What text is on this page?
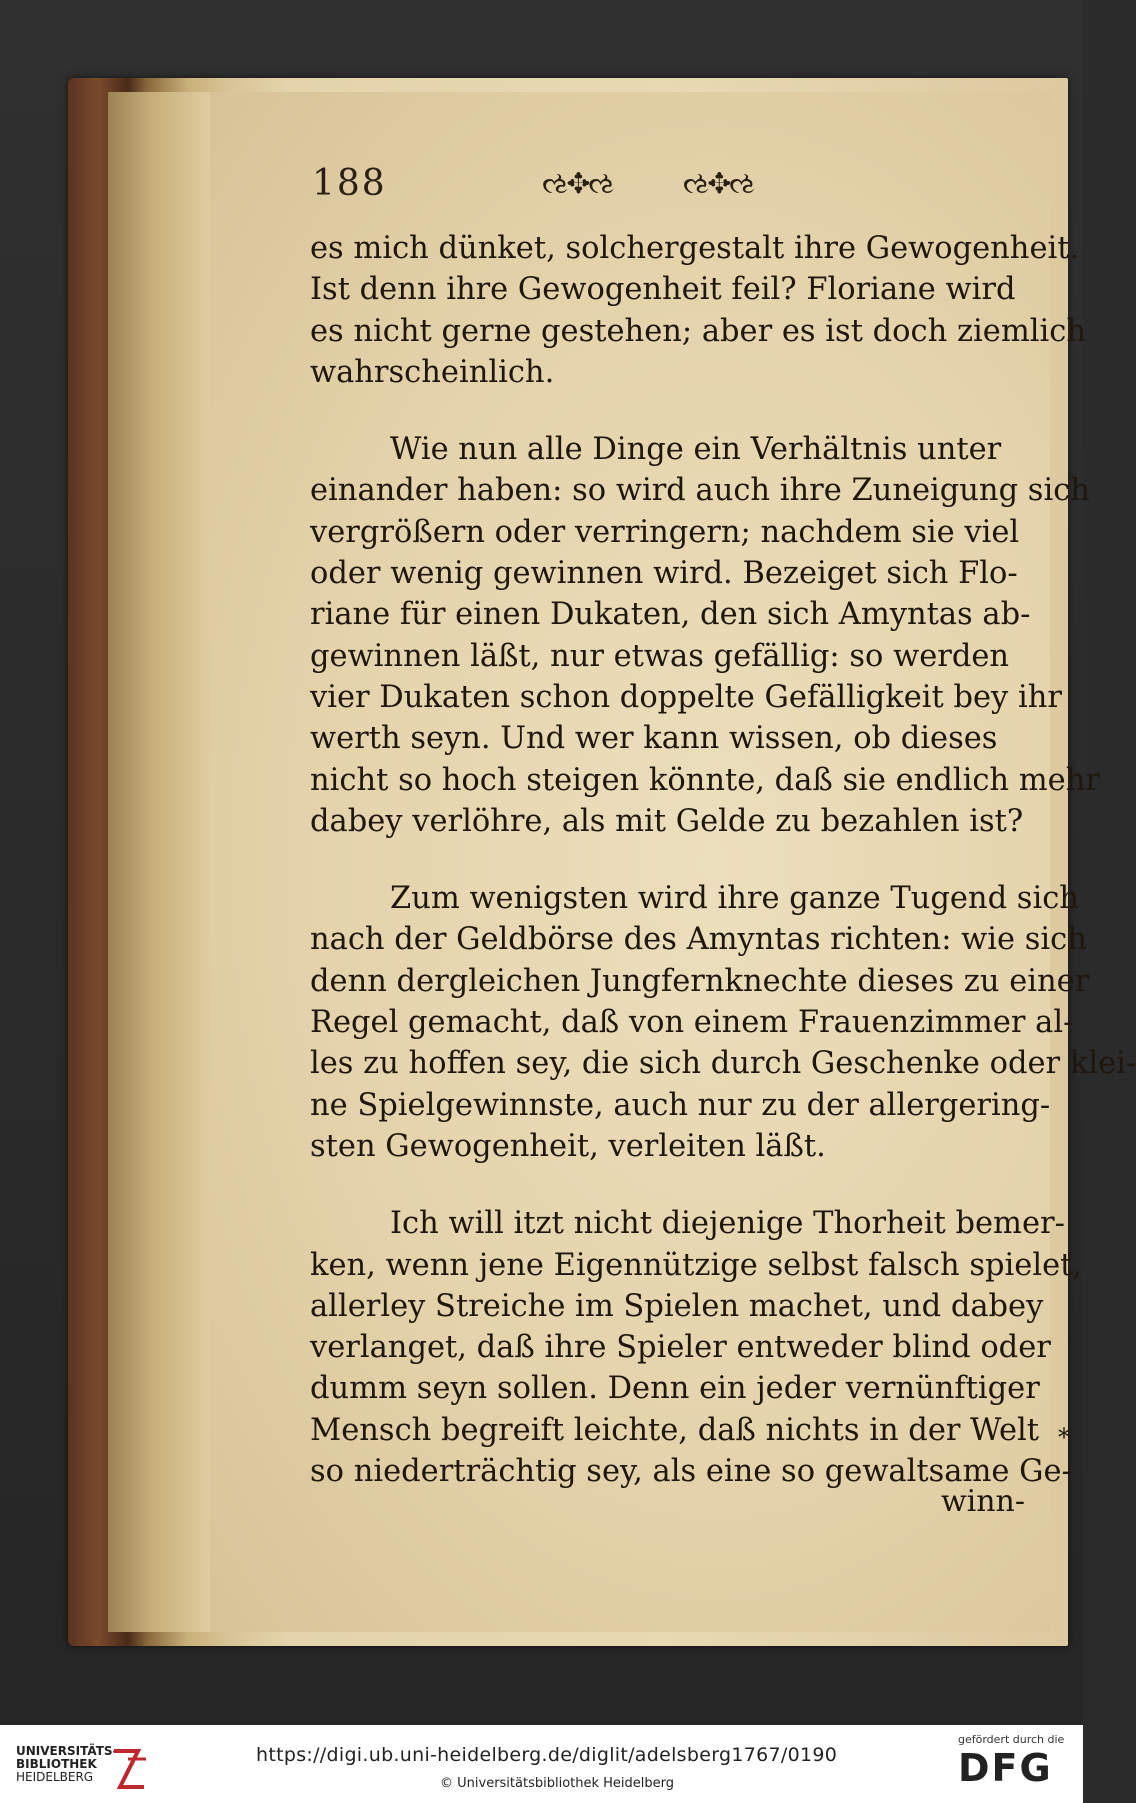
188	ઌ✥ઌ ઌ✥ઌ
es mich dünket, solchergestalt ihre Gewogenheit.
Ist denn ihre Gewogenheit feil? Floriane wird
es nicht gerne gestehen; aber es ist doch ziemlich
wahrscheinlich.
Wie nun alle Dinge ein Verhältnis unter
einander haben: so wird auch ihre Zuneigung sich
vergrößern oder verringern; nachdem sie viel
oder wenig gewinnen wird. Bezeiget sich Flo-
riane für einen Dukaten, den sich Amyntas ab-
gewinnen läßt, nur etwas gefällig: so werden
vier Dukaten schon doppelte Gefälligkeit bey ihr
werth seyn. Und wer kann wissen, ob dieses
nicht so hoch steigen könnte, daß sie endlich mehr
dabey verlöhre, als mit Gelde zu bezahlen ist?
Zum wenigsten wird ihre ganze Tugend sich
nach der Geldbörse des Amyntas richten: wie sich
denn dergleichen Jungfernknechte dieses zu einer
Regel gemacht, daß von einem Frauenzimmer al-
les zu hoffen sey, die sich durch Geschenke oder klei-
ne Spielgewinnste, auch nur zu der allergering-
sten Gewogenheit, verleiten läßt.
Ich will itzt nicht diejenige Thorheit bemer-
ken, wenn jene Eigennützige selbst falsch spielet,
allerley Streiche im Spielen machet, und dabey
verlanget, daß ihre Spieler entweder blind oder
dumm seyn sollen. Denn ein jeder vernünftiger
Mensch begreift leichte, daß nichts in der Welt
so niederträchtig sey, als eine so gewaltsame Ge-
winn-
⁎
UNIVERSITÄTS-
BIBLIOTHEK
HEIDELBERG
https://digi.ub.uni-heidelberg.de/diglit/adelsberg1767/0190
© Universitätsbibliothek Heidelberg
gefördert durch die
DFG
